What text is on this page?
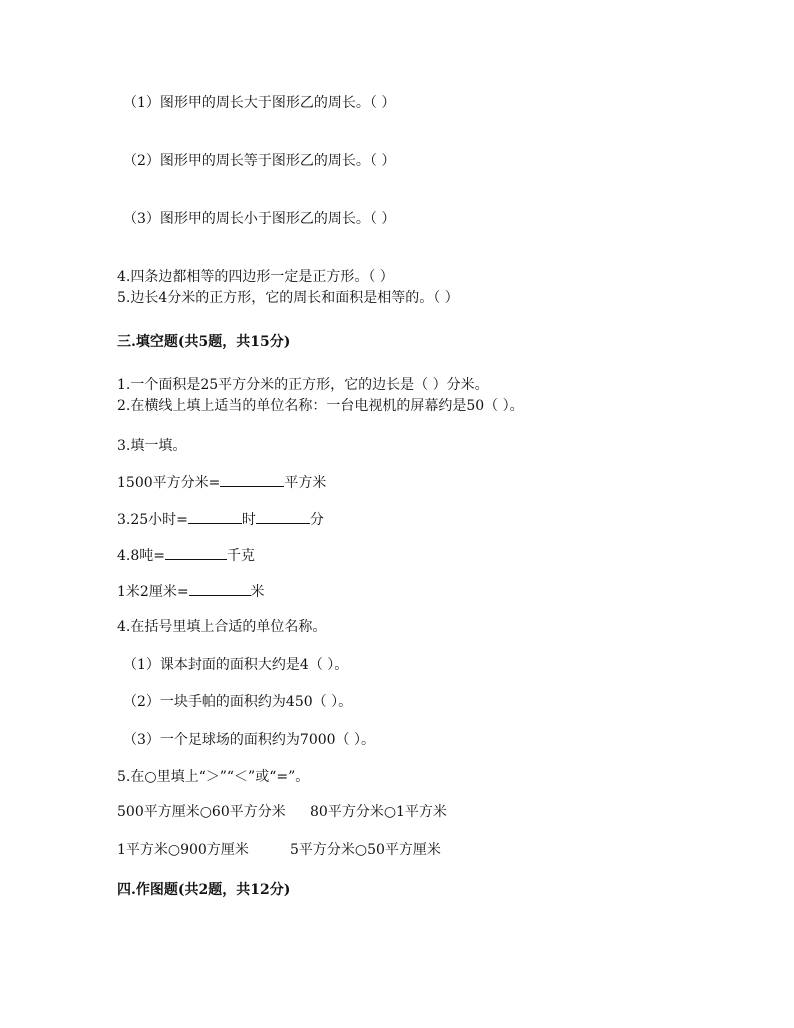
（1）图形甲的周长大于图形乙的周长。（ ）
（2）图形甲的周长等于图形乙的周长。（ ）
（3）图形甲的周长小于图形乙的周长。（ ）
4.四条边都相等的四边形一定是正方形。（ ）
5.边长4分米的正方形，它的周长和面积是相等的。（ ）
三.填空题(共5题，共15分)
1.一个面积是25平方分米的正方形，它的边长是（ ）分米。
2.在横线上填上适当的单位名称：一台电视机的屏幕约是50（ ）。
3.填一填。
1500平方分米=	平方米
3.25小时=	时	分
4.8吨=	千克
1米2厘米=	米
4.在括号里填上合适的单位名称。
（1）课本封面的面积大约是4（ ）。
（2）一块手帕的面积约为450（ ）。
（3）一个足球场的面积约为7000（ ）。
5.在○里填上“＞”“＜”或“=”。
500平方厘米○60平方分米 80平方分米○1平方米
1平方米○900方厘米	5平方分米○50平方厘米
四.作图题(共2题，共12分)
